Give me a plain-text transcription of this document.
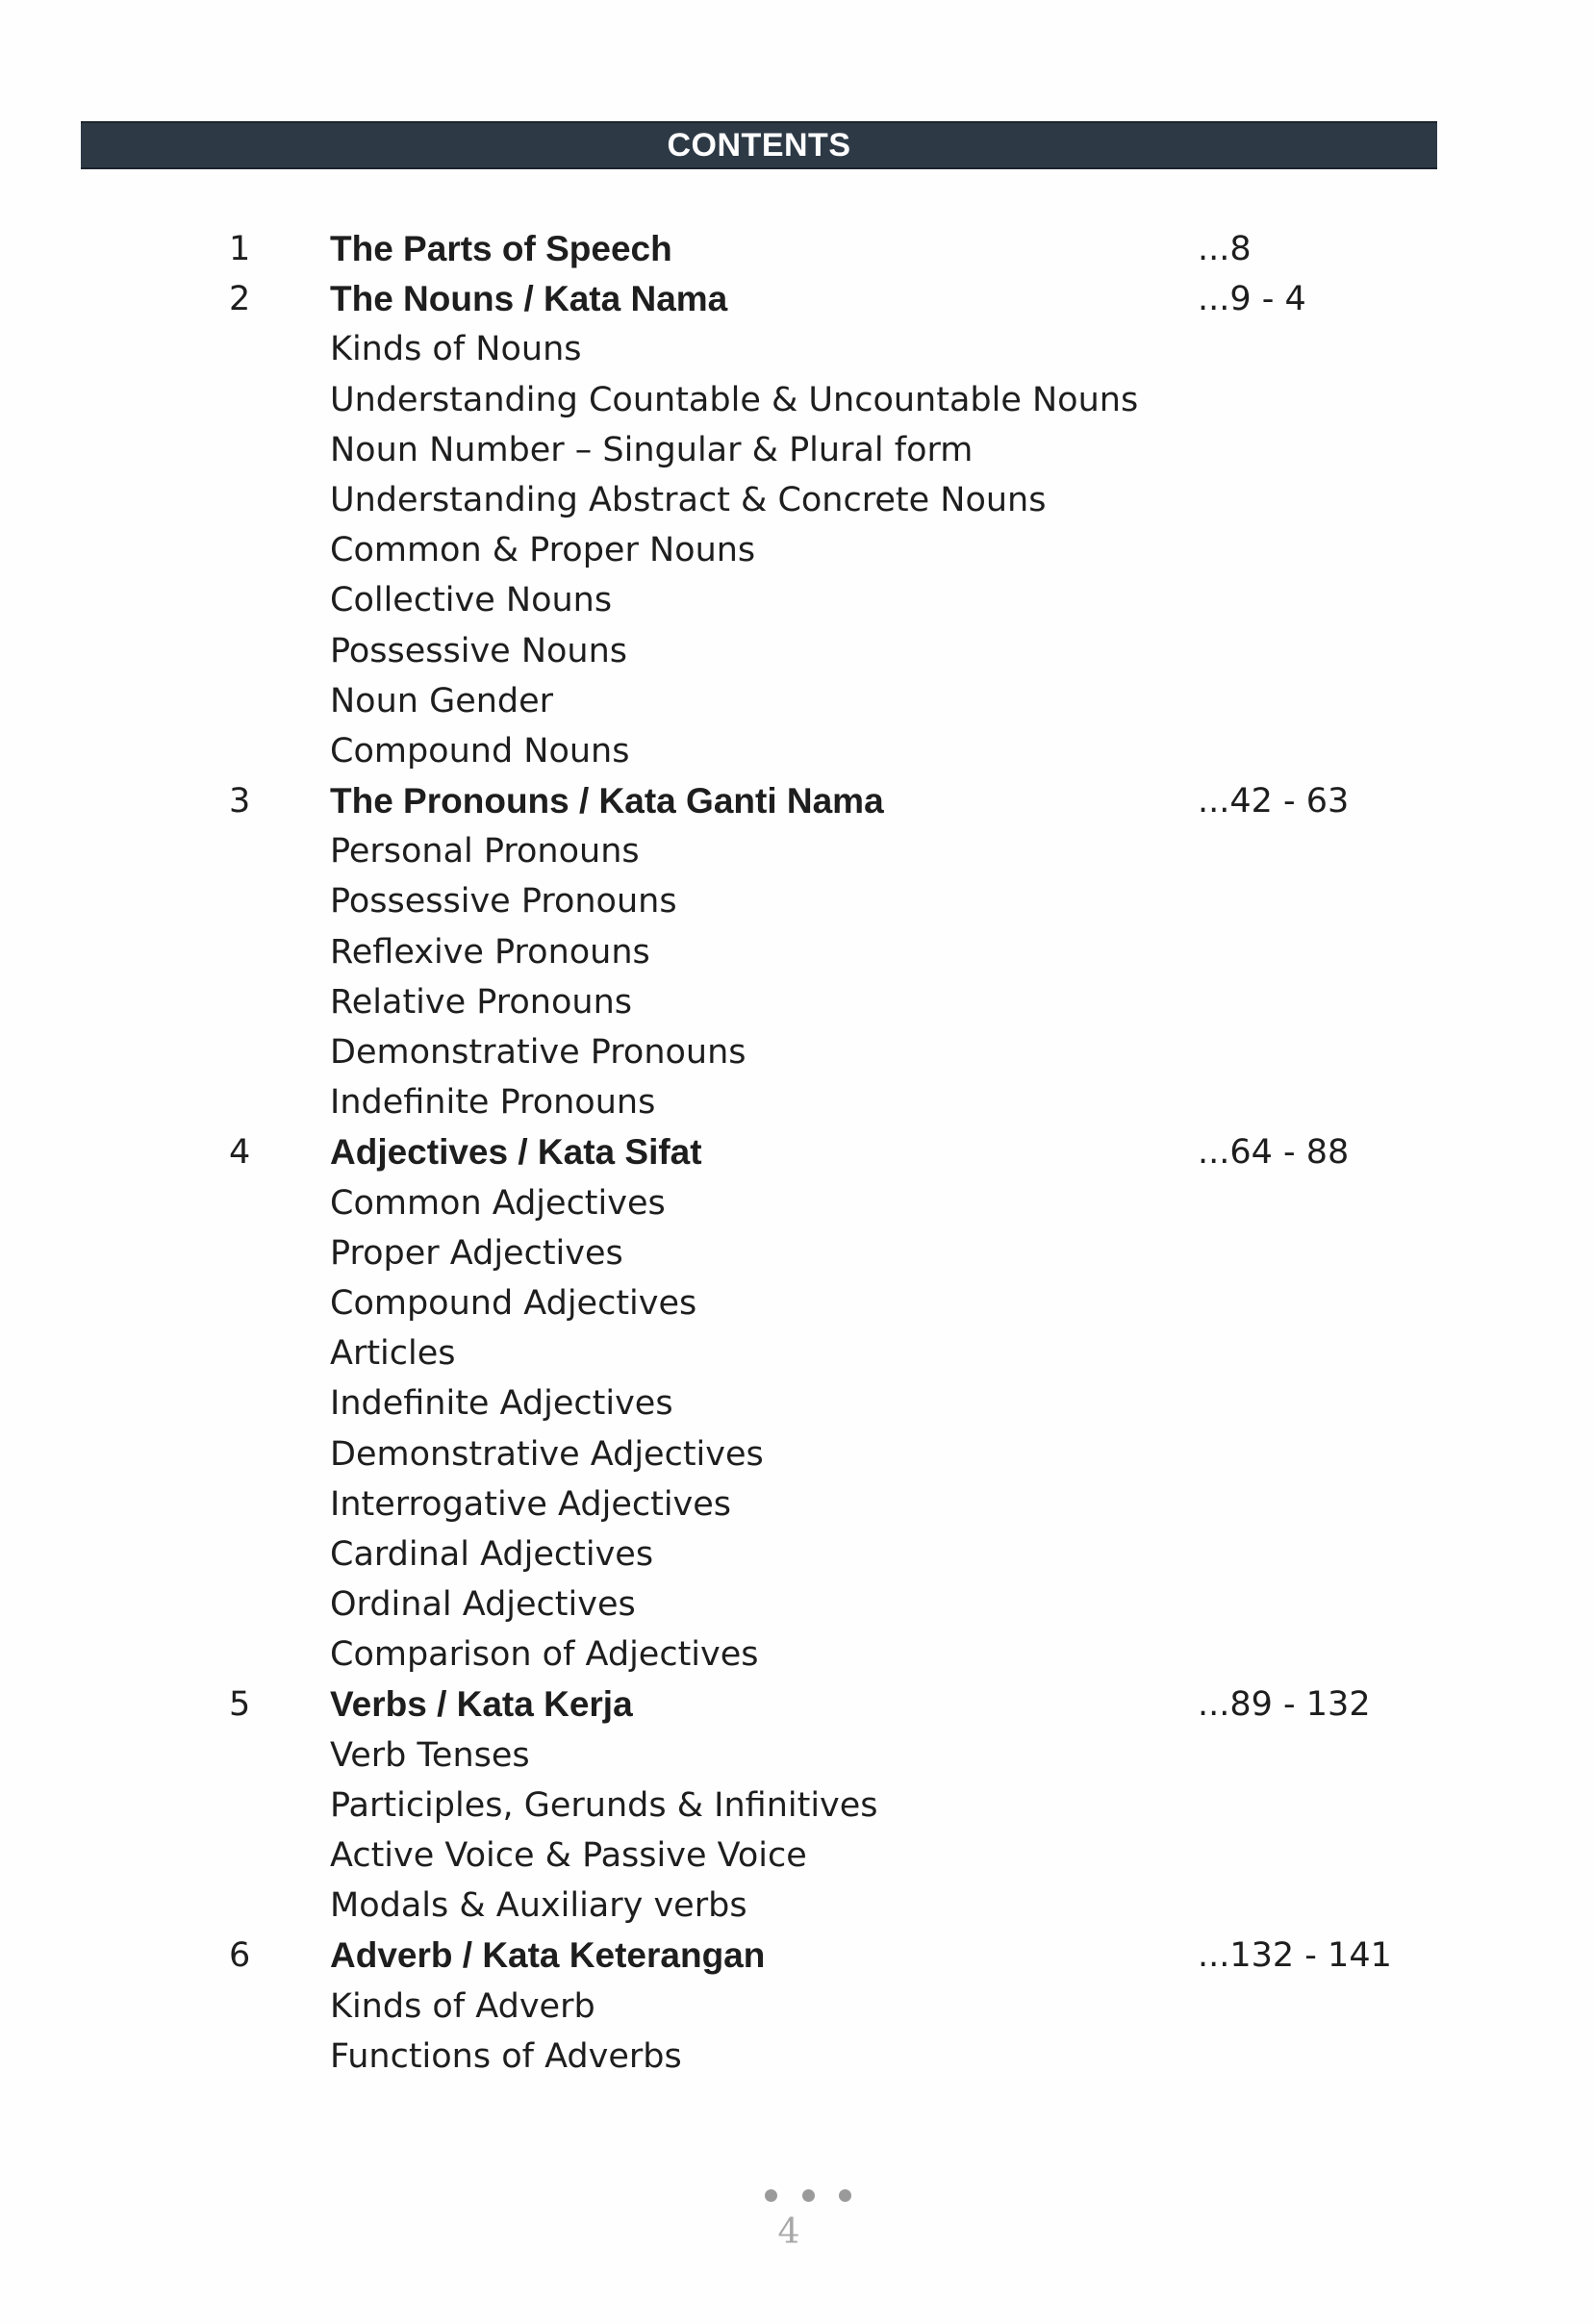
CONTENTS
1 The Parts of Speech	...8
2 The Nouns / Kata Nama	...9 - 4
Kinds of Nouns
Understanding Countable & Uncountable Nouns
Noun Number – Singular & Plural form
Understanding Abstract & Concrete Nouns
Common & Proper Nouns
Collective Nouns
Possessive Nouns
Noun Gender
Compound Nouns
3 The Pronouns / Kata Ganti Nama	...42 - 63
Personal Pronouns
Possessive Pronouns
Reflexive Pronouns
Relative Pronouns
Demonstrative Pronouns
Indefinite Pronouns
4 Adjectives / Kata Sifat	...64 - 88
Common Adjectives
Proper Adjectives
Compound Adjectives
Articles
Indefinite Adjectives
Demonstrative Adjectives
Interrogative Adjectives
Cardinal Adjectives
Ordinal Adjectives
Comparison of Adjectives
5 Verbs / Kata Kerja	...89 - 132
Verb Tenses
Participles, Gerunds & Infinitives
Active Voice & Passive Voice
Modals & Auxiliary verbs
6 Adverb / Kata Keterangan	...132 - 141
Kinds of Adverb
Functions of Adverbs
4
